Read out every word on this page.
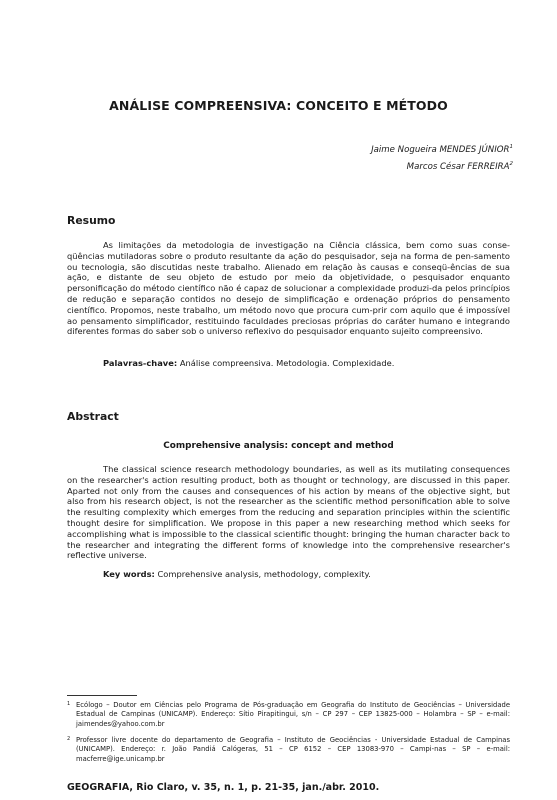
ANÁLISE COMPREENSIVA: CONCEITO E MÉTODO
Jaime Nogueira MENDES JÚNIOR$^1$
Marcos César FERREIRA$^2$
Resumo

As limitações da metodologia de investigação na Ciência clássica, bem como suas conse-qüências mutiladoras sobre o produto resultante da ação do pesquisador, seja na forma de pen-samento ou tecnologia, são discutidas neste trabalho. Alienado em relação às causas e conseqü-ências de sua ação, e distante de seu objeto de estudo por meio da objetividade, o pesquisador enquanto personificação do método científico não é capaz de solucionar a complexidade produzi-da pelos princípios de redução e separação contidos no desejo de simplificação e ordenação próprios do pensamento científico. Propomos, neste trabalho, um método novo que procura cum-prir com aquilo que é impossível ao pensamento simplificador, restituindo faculdades preciosas próprias do caráter humano e integrando diferentes formas do saber sob o universo reflexivo do pesquisador enquanto sujeito compreensivo.

Palavras-chave: Análise compreensiva. Metodologia. Complexidade.
Abstract
Comprehensive analysis: concept and method

The classical science research methodology boundaries, as well as its mutilating consequences on the researcher's action resulting product, both as thought or technology, are discussed in this paper. Aparted not only from the causes and consequences of his action by means of the objective sight, but also from his research object, is not the researcher as the scientific method personification able to solve the resulting complexity which emerges from the reducing and separation principles within the scientific thought desire for simplification. We propose in this paper a new researching method which seeks for accomplishing what is impossible to the classical scientific thought: bringing the human character back to the researcher and integrating the different forms of knowledge into the comprehensive researcher's reflective universe.

Key words: Comprehensive analysis, methodology, complexity.

1 Ecólogo – Doutor em Ciências pelo Programa de Pós-graduação em Geografia do Instituto de Geociências – Universidade Estadual de Campinas (UNICAMP). Endereço: Sítio Pirapitingui, s/n – CP 297 – CEP 13825-000 – Holambra – SP – e-mail: jaimendes@yahoo.com.br

2 Professor livre docente do departamento de Geografia – Instituto de Geociências - Universidade Estadual de Campinas (UNICAMP). Endereço: r. João Pandiá Calógeras, 51 – CP 6152 – CEP 13083-970 – Campi-nas – SP – e-mail: macferre@ige.unicamp.br

GEOGRAFIA, Rio Claro, v. 35, n. 1, p. 21-35, jan./abr. 2010.
